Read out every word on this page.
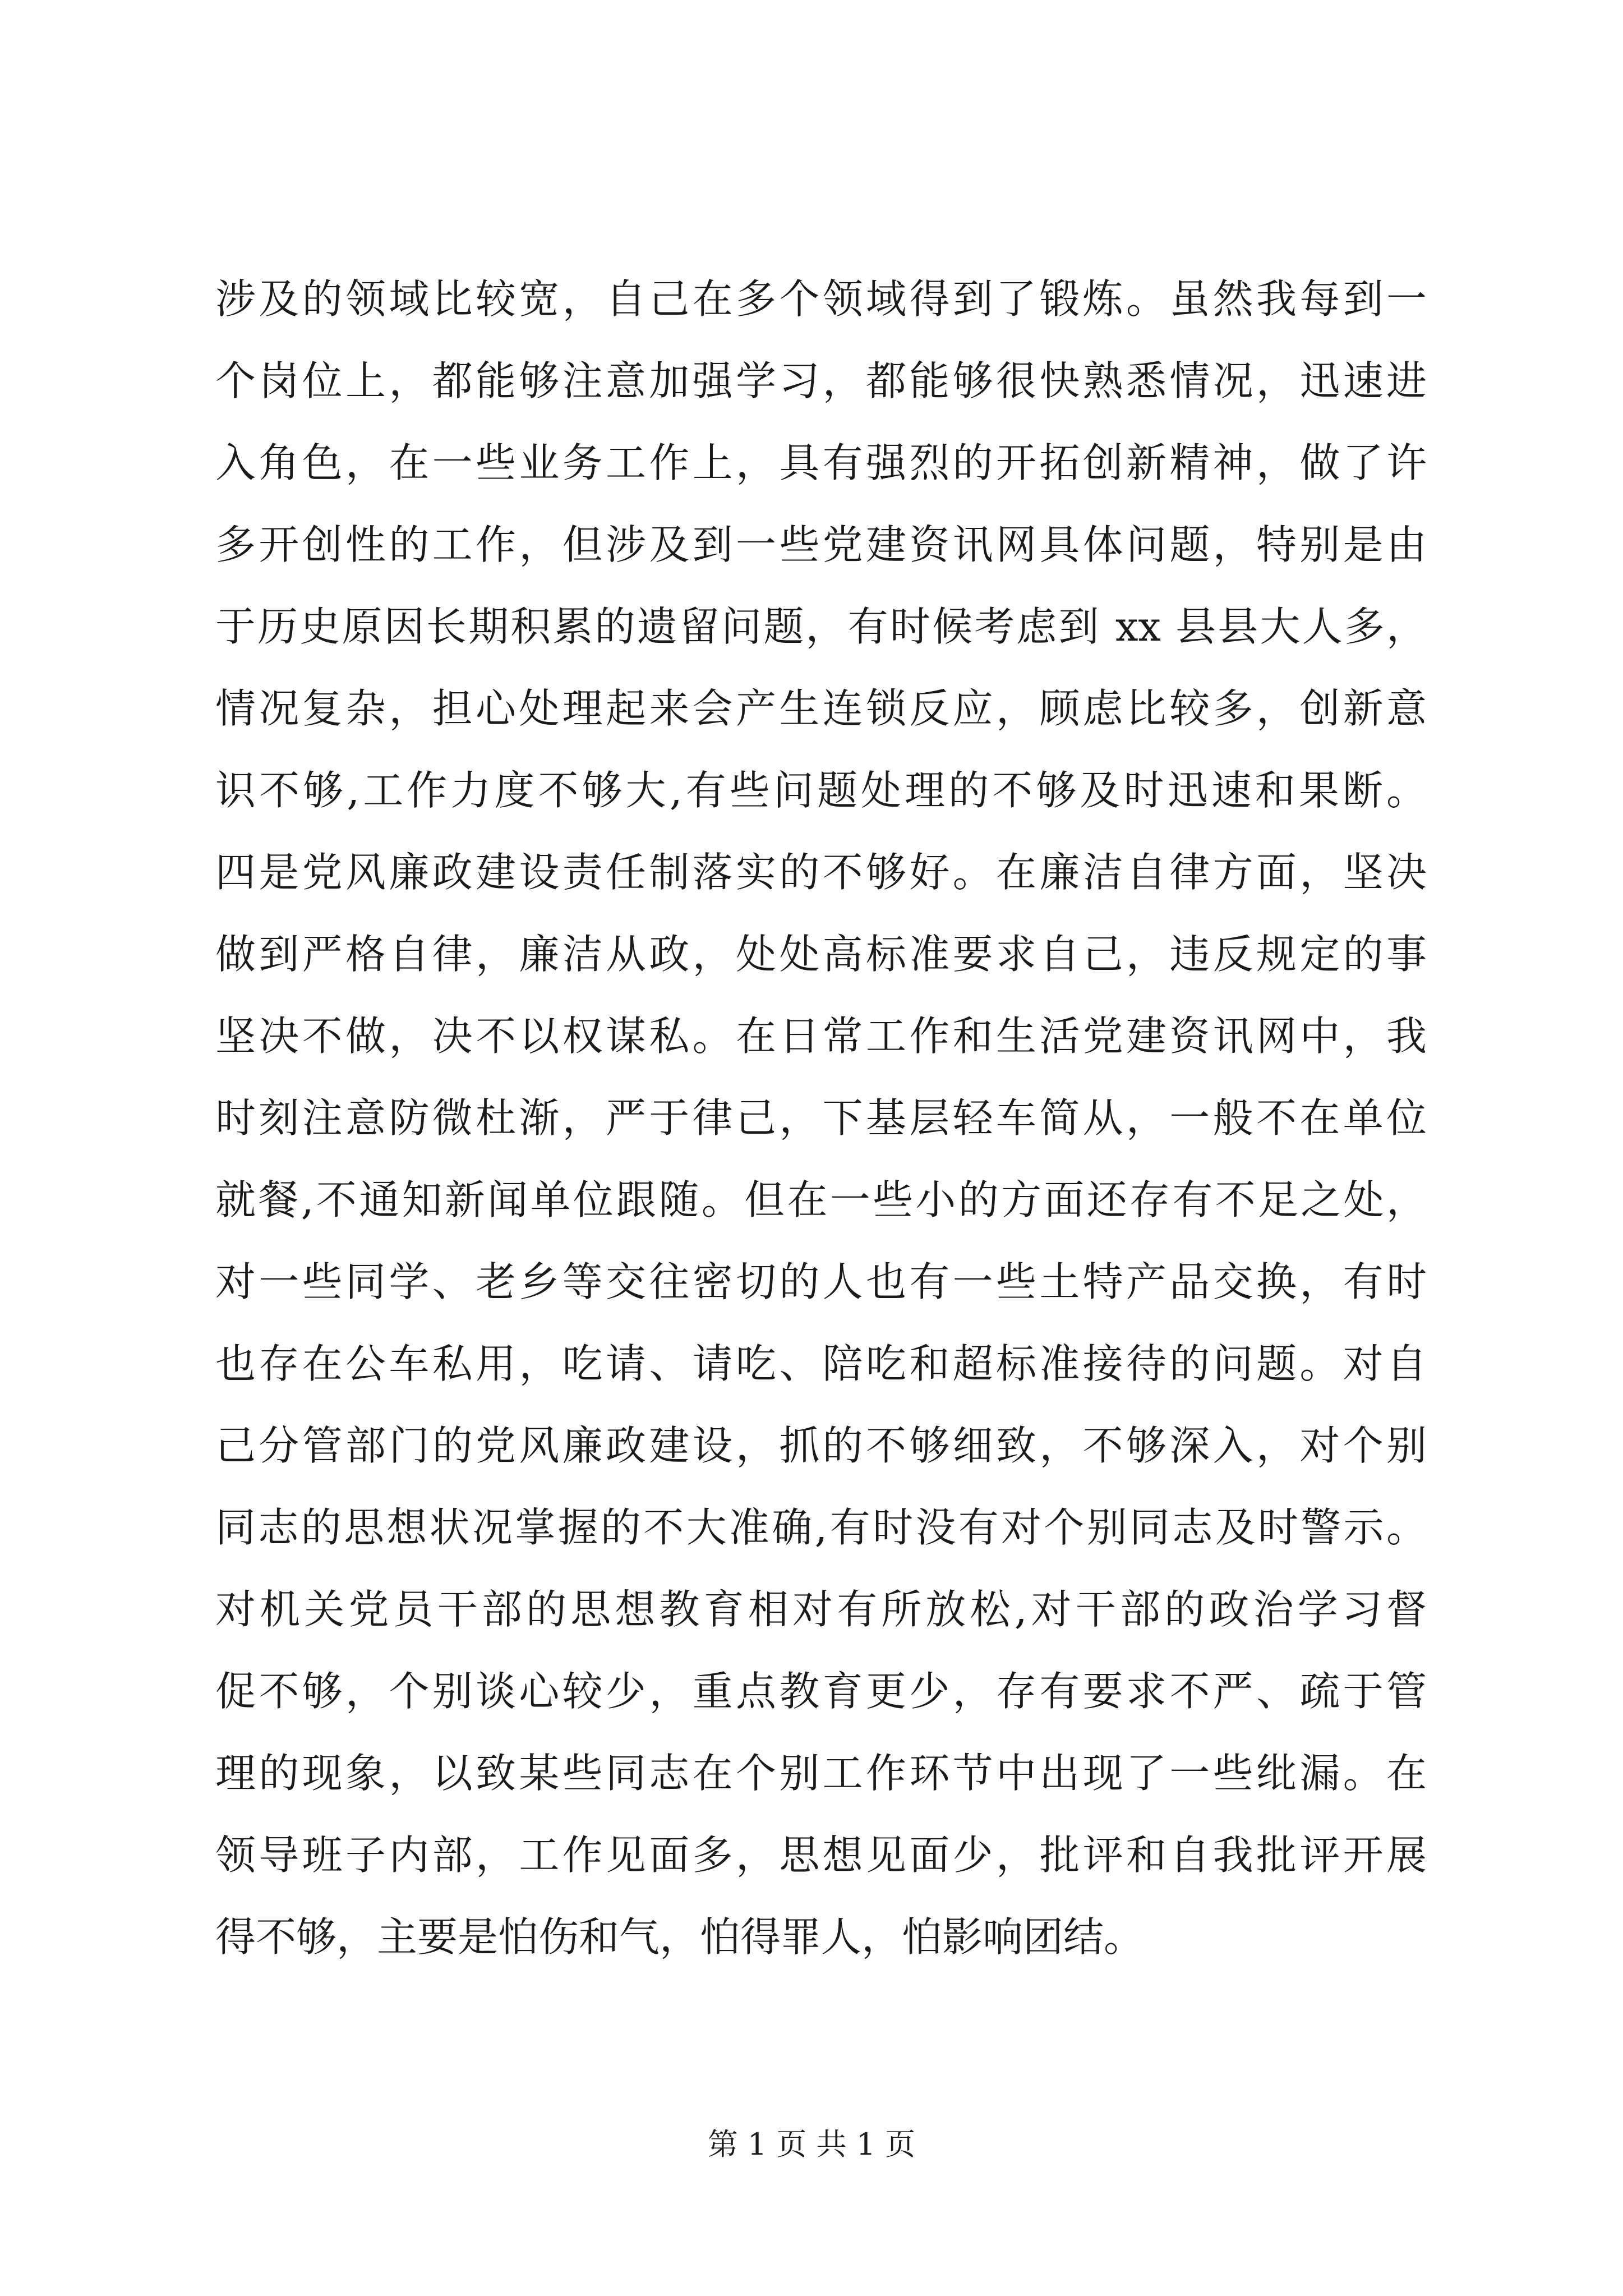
涉及的领域比较宽，自己在多个领域得到了锻炼。虽然我每到一
个岗位上，都能够注意加强学习，都能够很快熟悉情况，迅速进
入角色，在一些业务工作上，具有强烈的开拓创新精神，做了许
多开创性的工作，但涉及到一些党建资讯网具体问题，特别是由
于历史原因长期积累的遗留问题，有时候考虑到 xx 县县大人多，
情况复杂，担心处理起来会产生连锁反应，顾虑比较多，创新意
识不够,工作力度不够大,有些问题处理的不够及时迅速和果断。
四是党风廉政建设责任制落实的不够好。在廉洁自律方面，坚决
做到严格自律，廉洁从政，处处高标准要求自己，违反规定的事
坚决不做，决不以权谋私。在日常工作和生活党建资讯网中，我
时刻注意防微杜渐，严于律己，下基层轻车简从，一般不在单位
就餐,不通知新闻单位跟随。但在一些小的方面还存有不足之处，
对一些同学、老乡等交往密切的人也有一些土特产品交换，有时
也存在公车私用，吃请、请吃、陪吃和超标准接待的问题。对自
己分管部门的党风廉政建设，抓的不够细致，不够深入，对个别
同志的思想状况掌握的不大准确,有时没有对个别同志及时警示。
对机关党员干部的思想教育相对有所放松,对干部的政治学习督
促不够，个别谈心较少，重点教育更少，存有要求不严、疏于管
理的现象，以致某些同志在个别工作环节中出现了一些纰漏。在
领导班子内部，工作见面多，思想见面少，批评和自我批评开展
得不够，主要是怕伤和气，怕得罪人，怕影响团结。
第 1 页 共 1 页
